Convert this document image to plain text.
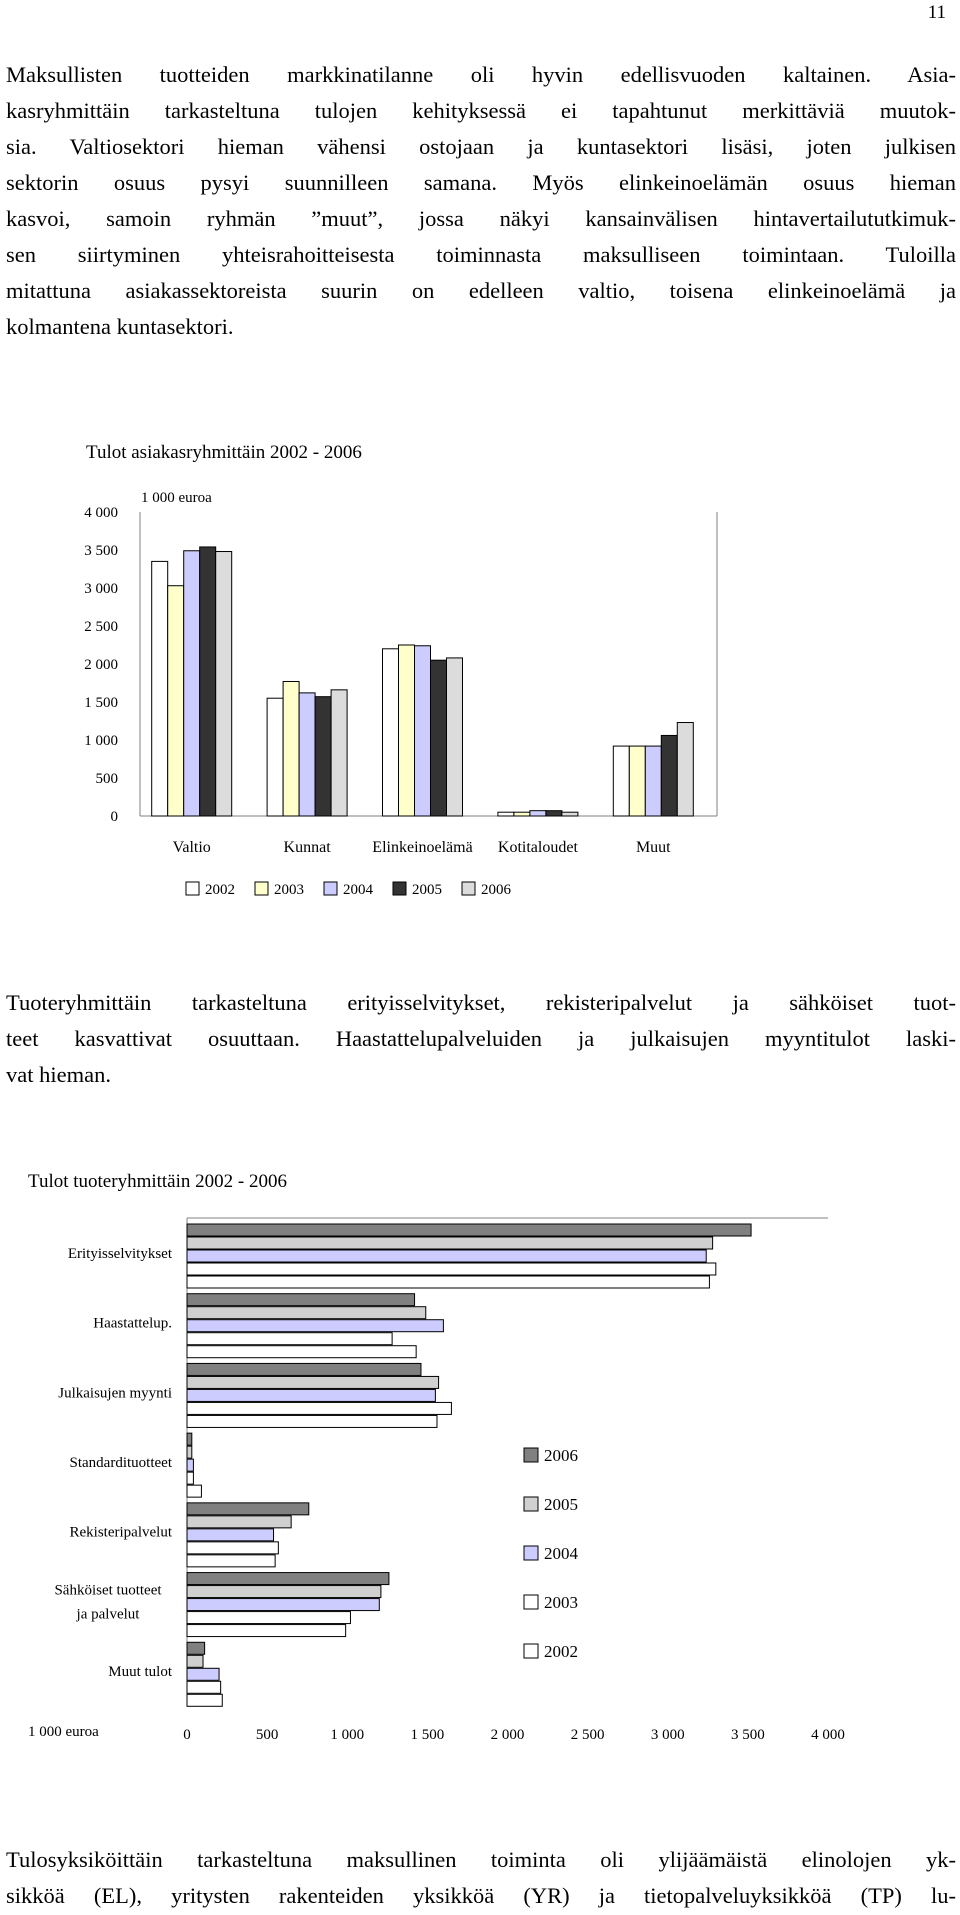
11
Maksullisten tuotteiden markkinatilanne oli hyvin edellisvuoden kaltainen. Asia-
kasryhmittäin tarkasteltuna tulojen kehityksessä ei tapahtunut merkittäviä muutok-
sia. Valtiosektori hieman vähensi ostojaan ja kuntasektori lisäsi, joten julkisen
sektorin osuus pysyi suunnilleen samana. Myös elinkeinoelämän osuus hieman
kasvoi, samoin ryhmän ”muut”, jossa näkyi kansainvälisen hintavertailututkimuk-
sen siirtyminen yhteisrahoitteisesta toiminnasta maksulliseen toimintaan. Tuloilla
mitattuna asiakassektoreista suurin on edelleen valtio, toisena elinkeinoelämä ja
kolmantena kuntasektori.
Tulot asiakasryhmittäin 2002 - 2006
1 000 euroa
0
500
1 000
1 500
2 000
2 500
3 000
3 500
4 000
Valtio	Kunnat	Elinkeinoelämä Kotitaloudet	Muut
2002	2003	2004	2005	2006
Tuoteryhmittäin tarkasteltuna erityisselvitykset, rekisteripalvelut ja sähköiset tuot-
teet kasvattivat osuuttaan. Haastattelupalveluiden ja julkaisujen myyntitulot laski-
vat hieman.
Tulot tuoteryhmittäin 2002 - 2006
Erityisselvitykset
Haastattelup.
Julkaisujen myynti
Standardituotteet
Rekisteripalvelut
Sähköiset tuotteet
ja palvelut
Muut tulot
0	500	1 000	1 500	2 000	2 500	3 000	3 500	4 000
1 000 euroa
2006
2005
2004
2003
2002
Tulosyksiköittäin tarkasteltuna maksullinen toiminta oli ylijäämäistä elinolojen yk-
sikköä (EL), yritysten rakenteiden yksikköä (YR) ja tietopalveluyksikköä (TP) lu-
